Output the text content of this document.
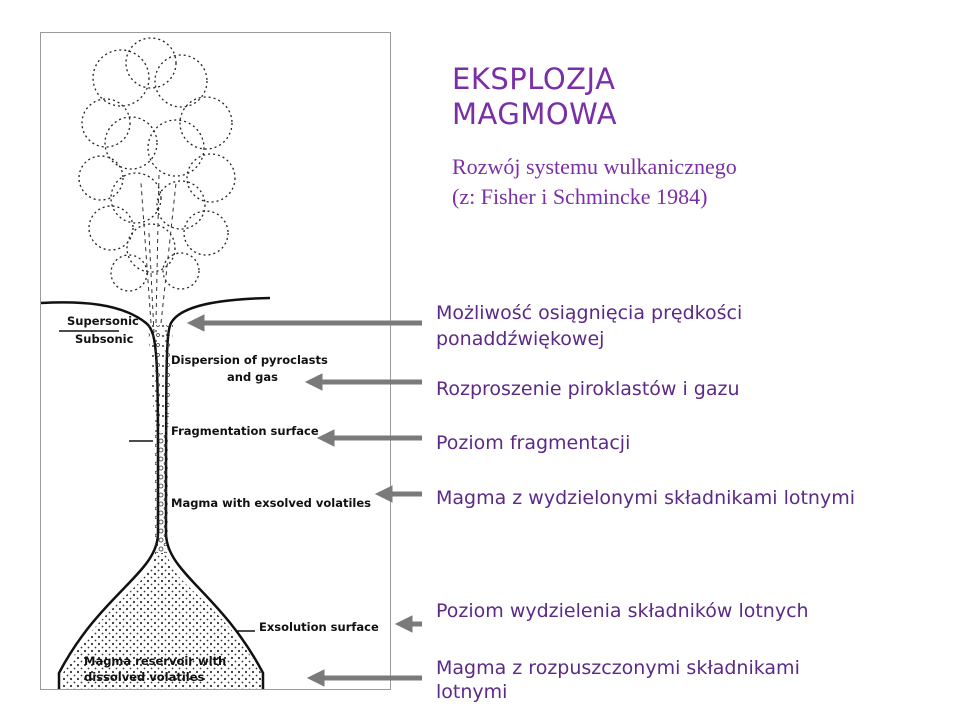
Supersonic
Subsonic
Dispersion of pyroclasts
and gas
Fragmentation surface
Magma with exsolved volatiles
Exsolution surface
Magma reservoir with
dissolved volatiles
EKSPLOZJA
MAGMOWA
Rozwój systemu wulkanicznego
(z: Fisher i Schmincke 1984)
Możliwość osiągnięcia prędkości ponaddźwiękowej
Rozproszenie piroklastów i gazu
Poziom fragmentacji
Magma z wydzielonymi składnikami lotnymi
Poziom wydzielenia składników lotnych
Magma z rozpuszczonymi składnikami lotnymi
